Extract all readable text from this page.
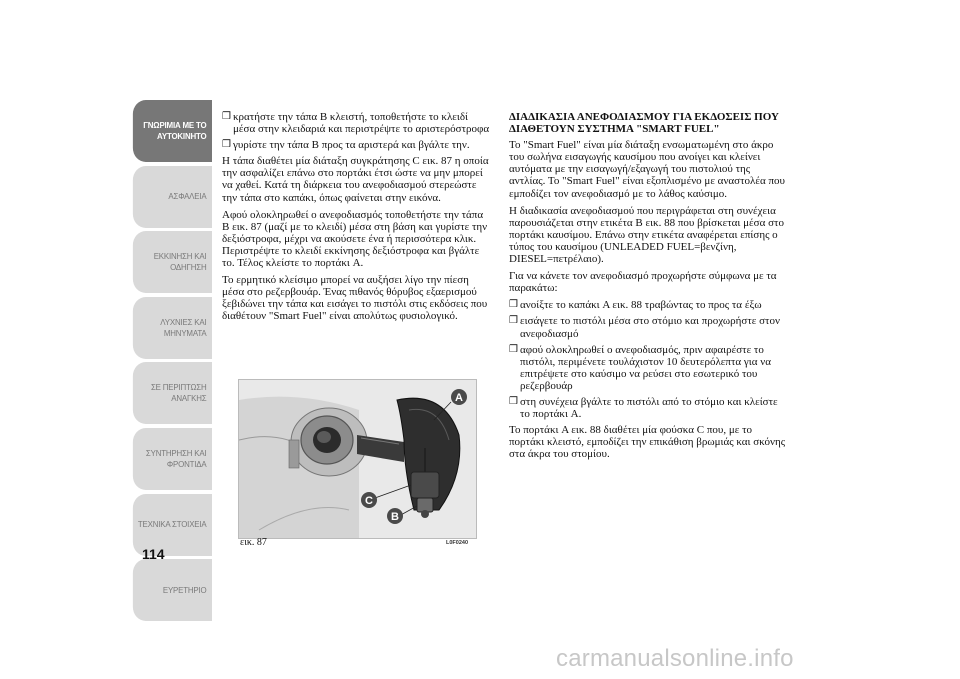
ΓΝΩΡΙΜΙΑ ΜΕ ΤΟ
ΑΥΤΟΚΙΝΗΤΟ
ΑΣΦΑΛΕΙΑ
ΕΚΚΙΝΗΣΗ ΚΑΙ
ΟΔΗΓΗΣΗ
ΛΥΧΝΙΕΣ ΚΑΙ
ΜΗΝΥΜΑΤΑ
ΣΕ ΠΕΡΙΠΤΩΣΗ
ΑΝΑΓΚΗΣ
ΣΥΝΤΗΡΗΣΗ ΚΑΙ
ΦΡΟΝΤΙΔΑ
ΤΕΧΝΙΚΑ ΣΤΟΙΧΕΙΑ
ΕΥΡΕΤΗΡΙΟ
114
❒ κρατήστε την τάπα B κλειστή, τοποθετήστε το κλειδί μέσα στην κλειδαριά και περιστρέψτε το αριστερόστροφα
❒ γυρίστε την τάπα B προς τα αριστερά και βγάλτε την.

Η τάπα διαθέτει μία διάταξη συγκράτησης C εικ. 87 η οποία την ασφαλίζει επάνω στο πορτάκι έτσι ώστε να μην μπορεί να χαθεί. Κατά τη διάρκεια του ανεφοδιασμού στερεώστε την τάπα στο καπάκι, όπως φαίνεται στην εικόνα.

Αφού ολοκληρωθεί ο ανεφοδιασμός τοποθετήστε την τάπα B εικ. 87 (μαζί με το κλειδί) μέσα στη βάση και γυρίστε την δεξιόστροφα, μέχρι να ακούσετε ένα ή περισσότερα κλικ. Περιστρέψτε το κλειδί εκκίνησης δεξιόστροφα και βγάλτε το. Τέλος κλείστε το πορτάκι A.

Το ερμητικό κλείσιμο μπορεί να αυξήσει λίγο την πίεση μέσα στο ρεζερβουάρ. Ένας πιθανός θόρυβος εξαερισμού ξεβιδώνει την τάπα και εισάγει το πιστόλι στις εκδόσεις που διαθέτουν "Smart Fuel" είναι απολύτως φυσιολογικό.

A
B
C
εικ. 87	L0F0240
ΔΙΑΔΙΚΑΣΙΑ ΑΝΕΦΟΔΙΑΣΜΟΥ ΓΙΑ ΕΚΔΟΣΕΙΣ ΠΟΥ ΔΙΑΘΕΤΟΥΝ ΣΥΣΤΗΜΑ "SMART FUEL"

Το "Smart Fuel" είναι μία διάταξη ενσωματωμένη στο άκρο του σωλήνα εισαγωγής καυσίμου που ανοίγει και κλείνει αυτόματα με την εισαγωγή/εξαγωγή του πιστολιού της αντλίας. Το "Smart Fuel" είναι εξοπλισμένο με αναστολέα που εμποδίζει τον ανεφοδιασμό με το λάθος καύσιμο.

Η διαδικασία ανεφοδιασμού που περιγράφεται στη συνέχεια παρουσιάζεται στην ετικέτα B εικ. 88 που βρίσκεται μέσα στο πορτάκι καυσίμου. Επάνω στην ετικέτα αναφέρεται επίσης ο τύπος του καυσίμου (UNLEADED FUEL=βενζίνη, DIESEL=πετρέλαιο).

Για να κάνετε τον ανεφοδιασμό προχωρήστε σύμφωνα με τα παρακάτω:

❒ ανοίξτε το καπάκι A εικ. 88 τραβώντας το προς τα έξω
❒ εισάγετε το πιστόλι μέσα στο στόμιο και προχωρήστε στον ανεφοδιασμό
❒ αφού ολοκληρωθεί ο ανεφοδιασμός, πριν αφαιρέστε το πιστόλι, περιμένετε τουλάχιστον 10 δευτερόλεπτα για να επιτρέψετε στο καύσιμο να ρεύσει στο εσωτερικό του ρεζερβουάρ
❒ στη συνέχεια βγάλτε το πιστόλι από το στόμιο και κλείστε το πορτάκι A.

Το πορτάκι A εικ. 88 διαθέτει μία φούσκα C που, με το πορτάκι κλειστό, εμποδίζει την επικάθιση βρωμιάς και σκόνης στα άκρα του στομίου.

carmanualsonline.info
